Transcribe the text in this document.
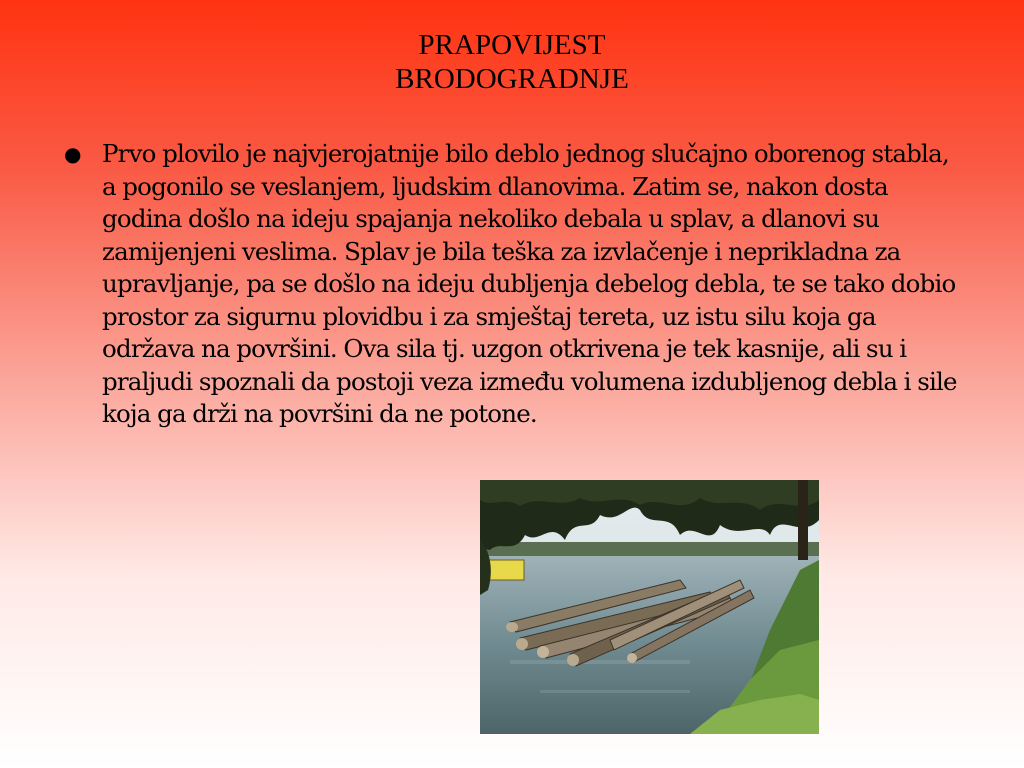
PRAPOVIJEST
BRODOGRADNJE
● Prvo plovilo je najvjerojatnije bilo deblo jednog slučajno oborenog stabla, a pogonilo se veslanjem, ljudskim dlanovima. Zatim se, nakon dosta godina došlo na ideju spajanja nekoliko debala u splav, a dlanovi su zamijenjeni veslima. Splav je bila teška za izvlačenje i neprikladna za upravljanje, pa se došlo na ideju dubljenja debelog debla, te se tako dobio prostor za sigurnu plovidbu i za smještaj tereta, uz istu silu koja ga održava na površini. Ova sila tj. uzgon otkrivena je tek kasnije, ali su i praljudi spoznali da postoji veza između volumena izdubljenog debla i sile koja ga drži na površini da ne potone.
